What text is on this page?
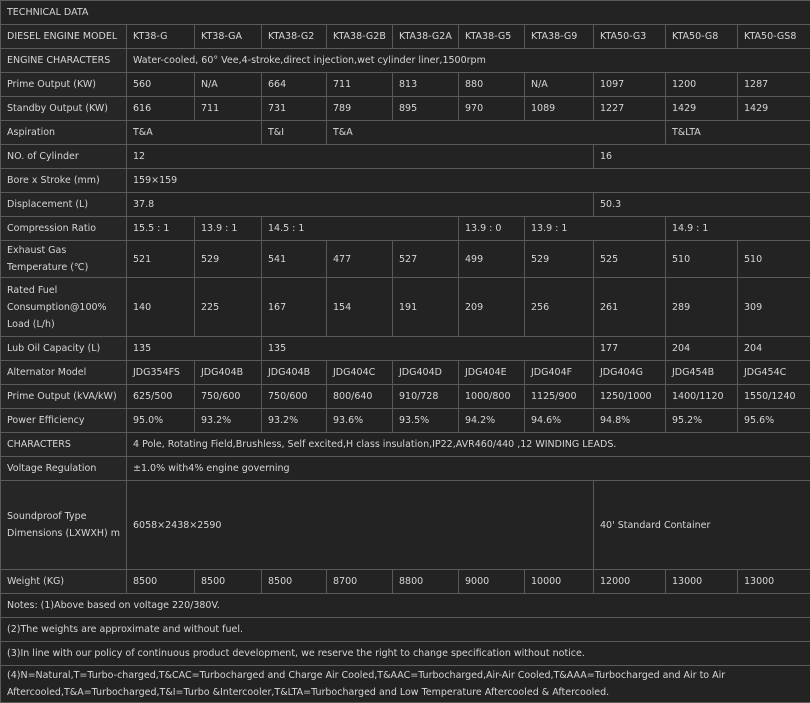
TECHNICAL DATA										
DIESEL ENGINE MODEL	KT38-G	KT38-GA	KTA38-G2	KTA38-G2B	KTA38-G2A	KTA38-G5	KTA38-G9	KTA50-G3	KTA50-G8	KTA50-GS8
ENGINE CHARACTERS	Water-cooled, 60° Vee,4-stroke,direct injection,wet cylinder liner,1500rpm									
Prime Output (KW)	560	N/A	664	711	813	880	N/A	1097	1200	1287
Standby Output (KW)	616	711	731	789	895	970	1089	1227	1429	1429
Aspiration	T&A		T&I	T&A					T&LTA	
NO. of Cylinder	12							16		
Bore x Stroke (mm)	159×159									
Displacement (L)	37.8							50.3		
Compression Ratio	15.5 : 1	13.9 : 1	14.5 : 1			13.9 : 0	13.9 : 1		14.9 : 1	
Exhaust Gas Temperature (℃)	521	529	541	477	527	499	529	525	510	510
Rated Fuel Consumption@100% Load (L/h)	140	225	167	154	191	209	256	261	289	309
Lub Oil Capacity (L)	135		135					177	204	204
Alternator Model	JDG354FS	JDG404B	JDG404B	JDG404C	JDG404D	JDG404E	JDG404F	JDG404G	JDG454B	JDG454C
Prime Output (kVA/kW)	625/500	750/600	750/600	800/640	910/728	1000/800	1125/900	1250/1000	1400/1120	1550/1240
Power Efficiency	95.0%	93.2%	93.2%	93.6%	93.5%	94.2%	94.6%	94.8%	95.2%	95.6%
CHARACTERS	4 Pole, Rotating Field,Brushless, Self excited,H class insulation,IP22,AVR460/440 ,12 WINDING LEADS.									
Voltage Regulation	±1.0% with4% engine governing									
Soundproof Type Dimensions (LXWXH) m	6058×2438×2590							40' Standard Container		
Weight (KG)	8500	8500	8500	8700	8800	9000	10000	12000	13000	13000
Notes: (1)Above based on voltage 220/380V.										
(2)The weights are approximate and without fuel.										
(3)In line with our policy of continuous product development, we reserve the right to change specification without notice.										
(4)N=Natural,T=Turbo-charged,T&CAC=Turbocharged and Charge Air Cooled,T&AAC=Turbocharged,Air-Air Cooled,T&AAA=Turbocharged and Air to Air Aftercooled,T&A=Turbocharged,T&I=Turbo &Intercooler,T&LTA=Turbocharged and Low Temperature Aftercooled & Aftercooled.										
